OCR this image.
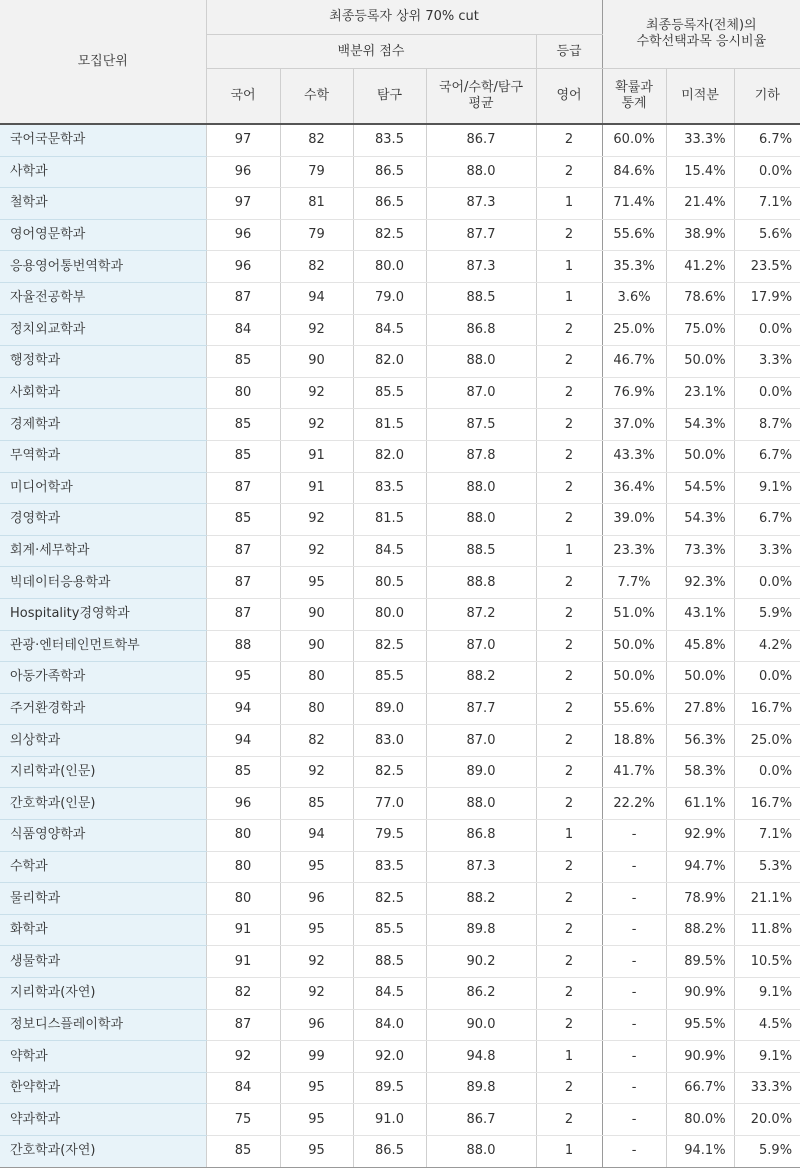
모집단위	최종등록자 상위 70% cut					최종등록자(전체)의
수학선택과목 응시비율		
	백분위 점수				등급			
	국어	수학	탐구	국어/수학/탐구
평균	영어	확률과
통계	미적분	기하
국어국문학과	97	82	83.5	86.7	2	60.0%	33.3%	6.7%
사학과	96	79	86.5	88.0	2	84.6%	15.4%	0.0%
철학과	97	81	86.5	87.3	1	71.4%	21.4%	7.1%
영어영문학과	96	79	82.5	87.7	2	55.6%	38.9%	5.6%
응용영어통번역학과	96	82	80.0	87.3	1	35.3%	41.2%	23.5%
자율전공학부	87	94	79.0	88.5	1	3.6%	78.6%	17.9%
정치외교학과	84	92	84.5	86.8	2	25.0%	75.0%	0.0%
행정학과	85	90	82.0	88.0	2	46.7%	50.0%	3.3%
사회학과	80	92	85.5	87.0	2	76.9%	23.1%	0.0%
경제학과	85	92	81.5	87.5	2	37.0%	54.3%	8.7%
무역학과	85	91	82.0	87.8	2	43.3%	50.0%	6.7%
미디어학과	87	91	83.5	88.0	2	36.4%	54.5%	9.1%
경영학과	85	92	81.5	88.0	2	39.0%	54.3%	6.7%
회계·세무학과	87	92	84.5	88.5	1	23.3%	73.3%	3.3%
빅데이터응용학과	87	95	80.5	88.8	2	7.7%	92.3%	0.0%
Hospitality경영학과	87	90	80.0	87.2	2	51.0%	43.1%	5.9%
관광·엔터테인먼트학부	88	90	82.5	87.0	2	50.0%	45.8%	4.2%
아동가족학과	95	80	85.5	88.2	2	50.0%	50.0%	0.0%
주거환경학과	94	80	89.0	87.7	2	55.6%	27.8%	16.7%
의상학과	94	82	83.0	87.0	2	18.8%	56.3%	25.0%
지리학과(인문)	85	92	82.5	89.0	2	41.7%	58.3%	0.0%
간호학과(인문)	96	85	77.0	88.0	2	22.2%	61.1%	16.7%
식품영양학과	80	94	79.5	86.8	1	-	92.9%	7.1%
수학과	80	95	83.5	87.3	2	-	94.7%	5.3%
물리학과	80	96	82.5	88.2	2	-	78.9%	21.1%
화학과	91	95	85.5	89.8	2	-	88.2%	11.8%
생물학과	91	92	88.5	90.2	2	-	89.5%	10.5%
지리학과(자연)	82	92	84.5	86.2	2	-	90.9%	9.1%
정보디스플레이학과	87	96	84.0	90.0	2	-	95.5%	4.5%
약학과	92	99	92.0	94.8	1	-	90.9%	9.1%
한약학과	84	95	89.5	89.8	2	-	66.7%	33.3%
약과학과	75	95	91.0	86.7	2	-	80.0%	20.0%
간호학과(자연)	85	95	86.5	88.0	1	-	94.1%	5.9%
